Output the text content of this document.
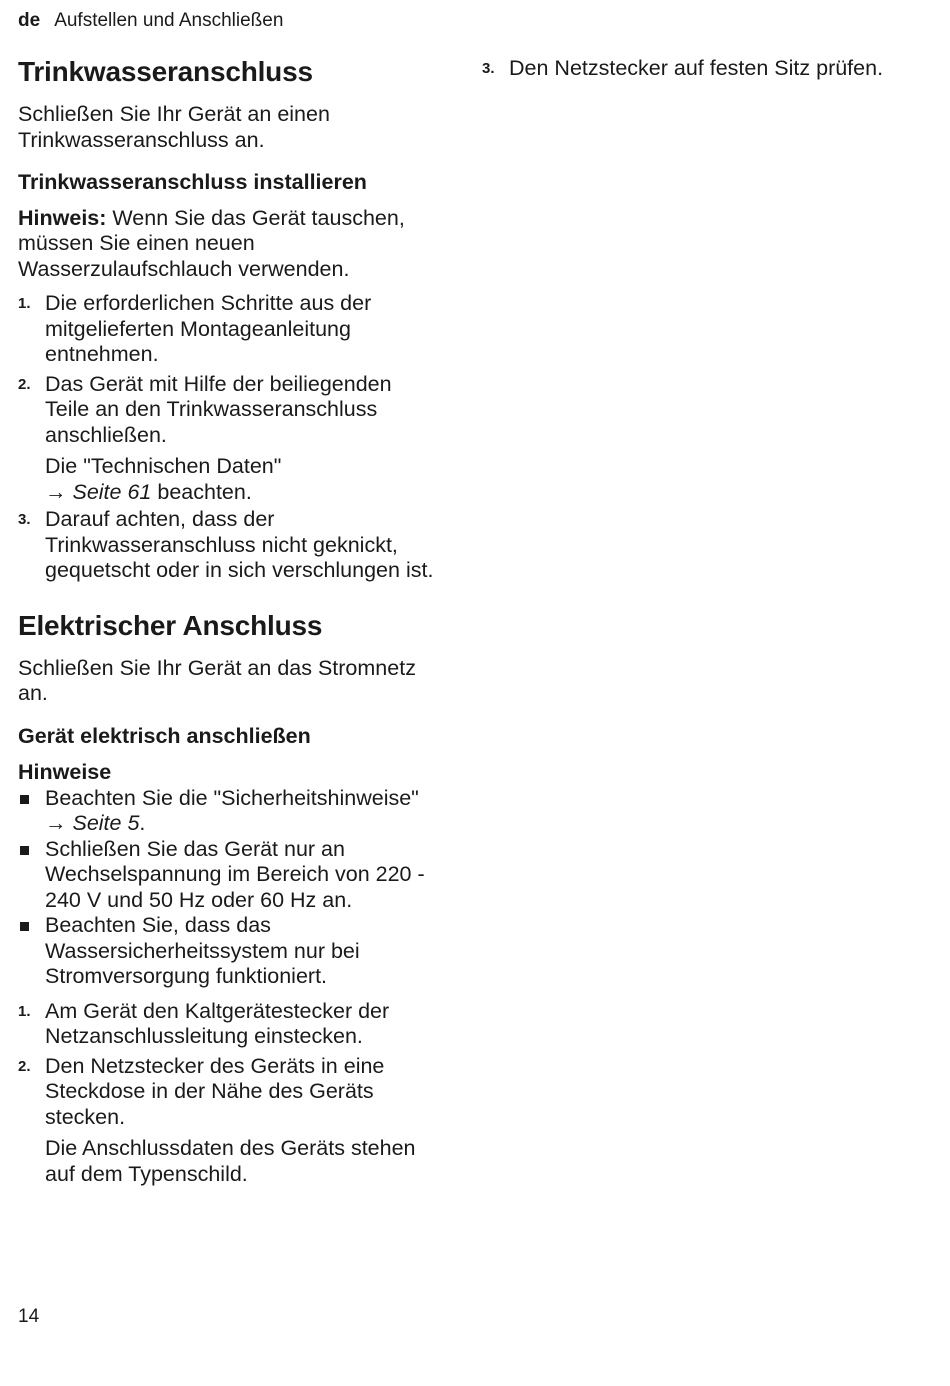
de Aufstellen und Anschließen
Trinkwasseranschluss

Schließen Sie Ihr Gerät an einen Trinkwasseranschluss an.

Trinkwasseranschluss installieren

Hinweis: Wenn Sie das Gerät tauschen, müssen Sie einen neuen Wasserzulaufschlauch verwenden.

1. Die erforderlichen Schritte aus der mitgelieferten Montageanleitung entnehmen.
2. Das Gerät mit Hilfe der beiliegenden Teile an den Trinkwasseranschluss anschließen.
Die "Technischen Daten"
→ Seite 61 beachten.
3. Darauf achten, dass der Trinkwasseranschluss nicht geknickt, gequetscht oder in sich verschlungen ist.
Elektrischer Anschluss

Schließen Sie Ihr Gerät an das Stromnetz an.

Gerät elektrisch anschließen
Hinweise
Beachten Sie die "Sicherheitshinweise" → Seite 5.
Schließen Sie das Gerät nur an Wechselspannung im Bereich von 220 - 240 V und 50 Hz oder 60 Hz an.
Beachten Sie, dass das Wassersicherheitssystem nur bei Stromversorgung funktioniert.
1. Am Gerät den Kaltgerätestecker der Netzanschlussleitung einstecken.
2. Den Netzstecker des Geräts in eine Steckdose in der Nähe des Geräts stecken.
Die Anschlussdaten des Geräts stehen auf dem Typenschild.
3. Den Netzstecker auf festen Sitz prüfen.
14
